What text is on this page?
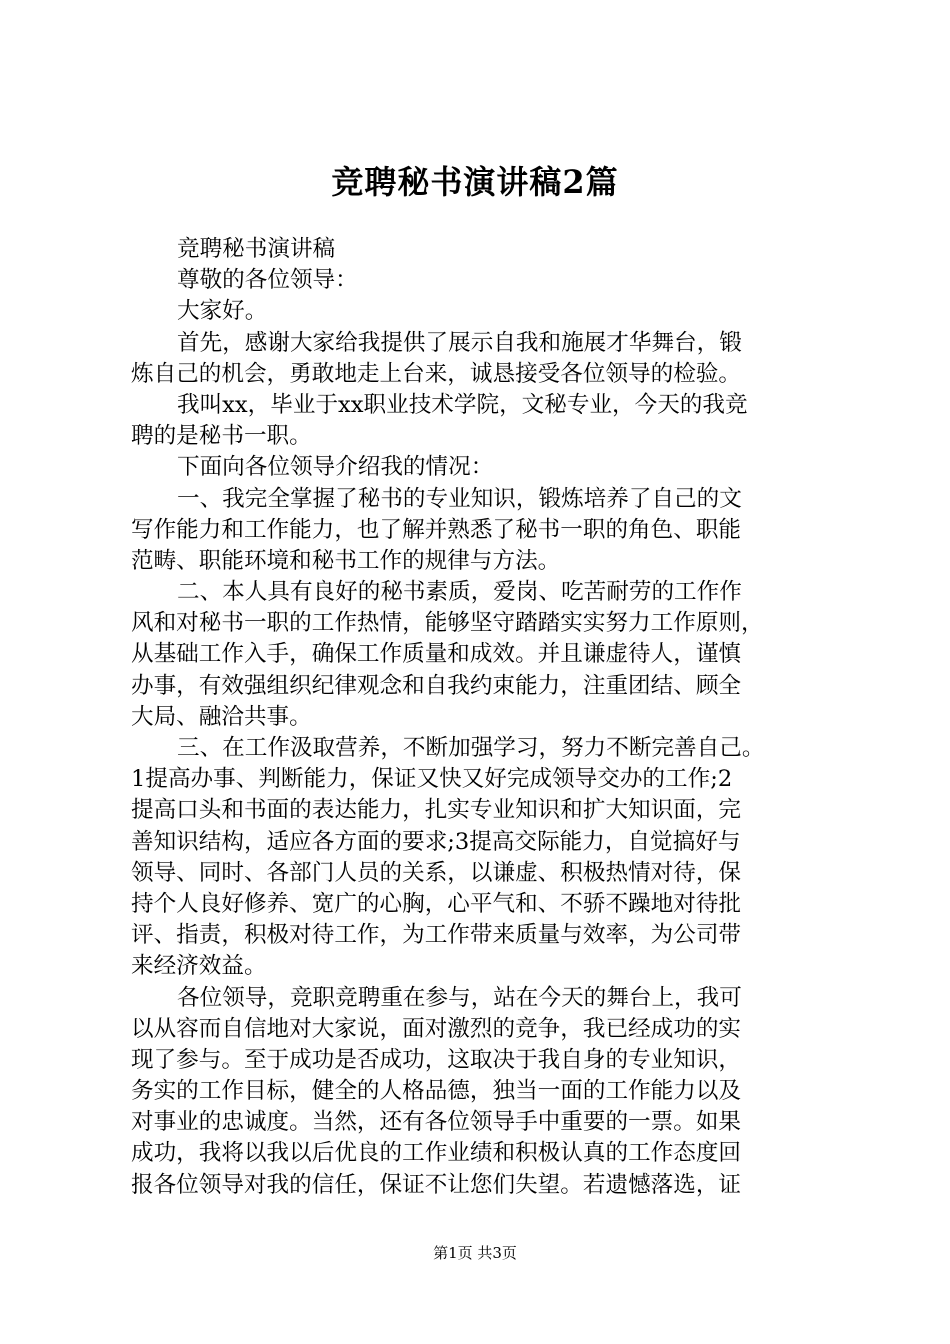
竞聘秘书演讲稿2篇
竞聘秘书演讲稿
尊敬的各位领导：
大家好。
首先，感谢大家给我提供了展示自我和施展才华舞台，锻
炼自己的机会，勇敢地走上台来，诚恳接受各位领导的检验。
我叫xx，毕业于xx职业技术学院，文秘专业，今天的我竞
聘的是秘书一职。
下面向各位领导介绍我的情况：
一、我完全掌握了秘书的专业知识，锻炼培养了自己的文
写作能力和工作能力，也了解并熟悉了秘书一职的角色、职能
范畴、职能环境和秘书工作的规律与方法。
二、本人具有良好的秘书素质，爱岗、吃苦耐劳的工作作
风和对秘书一职的工作热情，能够坚守踏踏实实努力工作原则，
从基础工作入手，确保工作质量和成效。并且谦虚待人，谨慎
办事，有效强组织纪律观念和自我约束能力，注重团结、顾全
大局、融洽共事。
三、在工作汲取营养，不断加强学习，努力不断完善自己。
1提高办事、判断能力，保证又快又好完成领导交办的工作;2
提高口头和书面的表达能力，扎实专业知识和扩大知识面，完
善知识结构，适应各方面的要求;3提高交际能力，自觉搞好与
领导、同时、各部门人员的关系，以谦虚、积极热情对待，保
持个人良好修养、宽广的心胸，心平气和、不骄不躁地对待批
评、指责，积极对待工作，为工作带来质量与效率，为公司带
来经济效益。
各位领导，竞职竞聘重在参与，站在今天的舞台上，我可
以从容而自信地对大家说，面对激烈的竞争，我已经成功的实
现了参与。至于成功是否成功，这取决于我自身的专业知识，
务实的工作目标，健全的人格品德，独当一面的工作能力以及
对事业的忠诚度。当然，还有各位领导手中重要的一票。如果
成功，我将以我以后优良的工作业绩和积极认真的工作态度回
报各位领导对我的信任，保证不让您们失望。若遗憾落选，证
第1页 共3页
